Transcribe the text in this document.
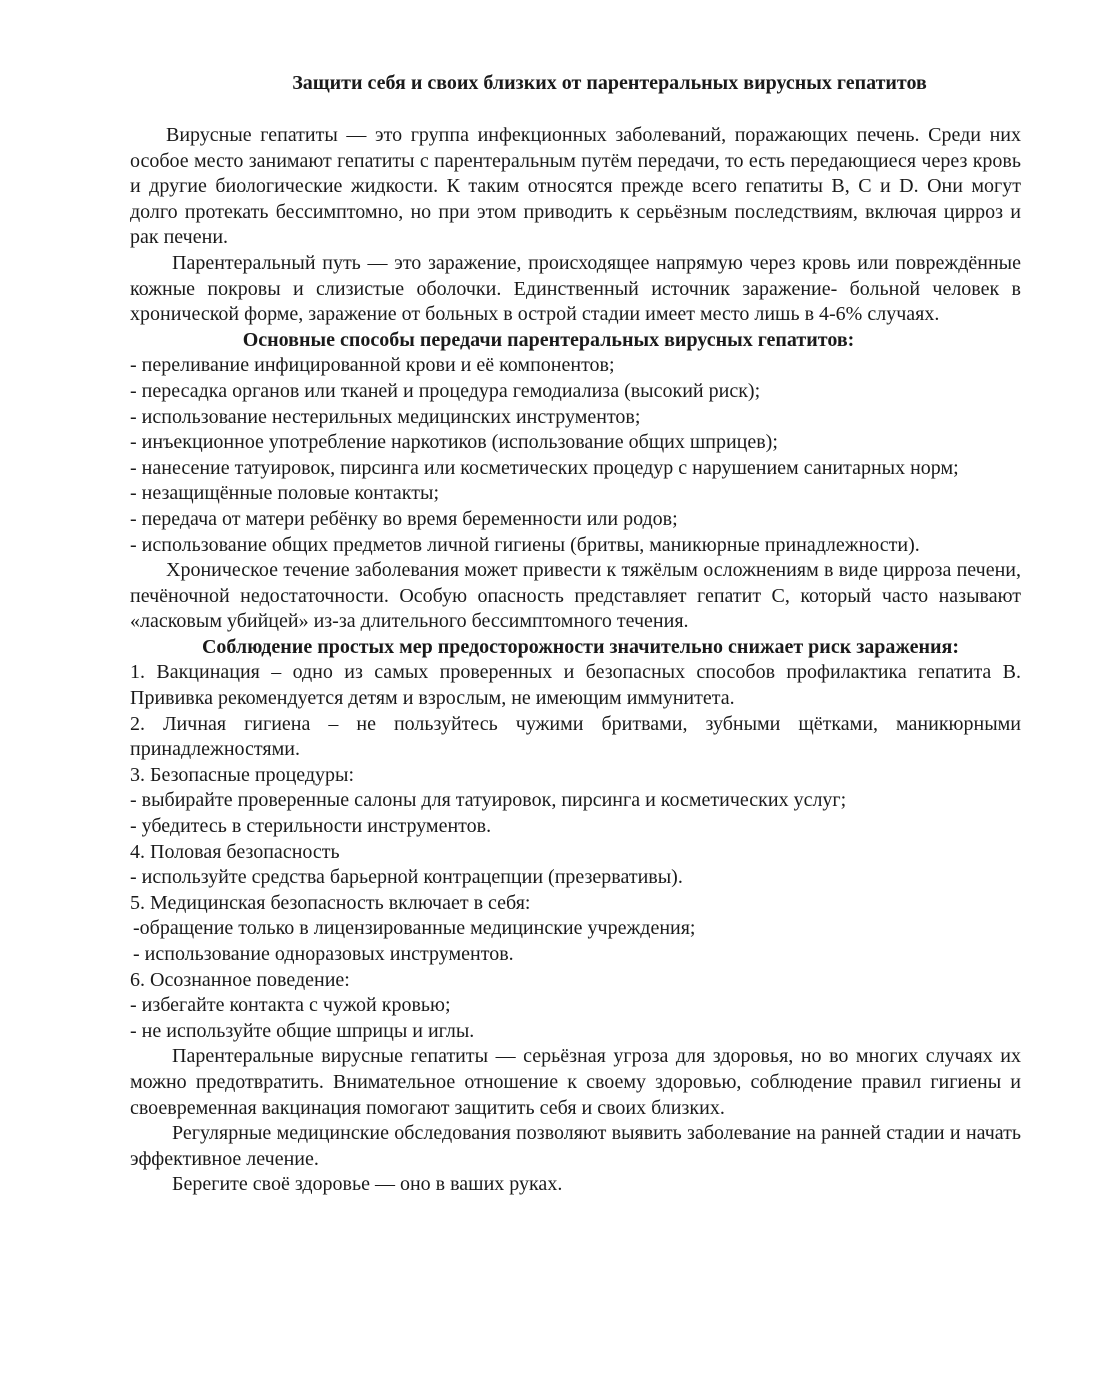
Защити себя и своих близких от парентеральных вирусных гепатитов

Вирусные гепатиты — это группа инфекционных заболеваний, поражающих печень. Среди них особое место занимают гепатиты с парентеральным путём передачи, то есть передающиеся через кровь и другие биологические жидкости. К таким относятся прежде всего гепатиты B, C и D. Они могут долго протекать бессимптомно, но при этом приводить к серьёзным последствиям, включая цирроз и рак печени.

Парентеральный путь — это заражение, происходящее напрямую через кровь или повреждённые кожные покровы и слизистые оболочки. Единственный источник заражение- больной человек в хронической форме, заражение от больных в острой стадии имеет место лишь в 4-6% случаях.

Основные способы передачи парентеральных вирусных гепатитов:
- переливание инфицированной крови и её компонентов;
- пересадка органов или тканей и процедура гемодиализа (высокий риск);
- использование нестерильных медицинских инструментов;
- инъекционное употребление наркотиков (использование общих шприцев);
- нанесение татуировок, пирсинга или косметических процедур с нарушением санитарных норм;
- незащищённые половые контакты;
- передача от матери ребёнку во время беременности или родов;
- использование общих предметов личной гигиены (бритвы, маникюрные принадлежности).

Хроническое течение заболевания может привести к тяжёлым осложнениям в виде цирроза печени, печёночной недостаточности. Особую опасность представляет гепатит С, который часто называют «ласковым убийцей» из-за длительного бессимптомного течения.

Соблюдение простых мер предосторожности значительно снижает риск заражения:
1. Вакцинация – одно из самых проверенных и безопасных способов профилактика гепатита В. Прививка рекомендуется детям и взрослым, не имеющим иммунитета.
2. Личная гигиена – не пользуйтесь чужими бритвами, зубными щётками, маникюрными принадлежностями.
3. Безопасные процедуры:
- выбирайте проверенные салоны для татуировок, пирсинга и косметических услуг;
- убедитесь в стерильности инструментов.
4. Половая безопасность
- используйте средства барьерной контрацепции (презервативы).
5. Медицинская безопасность включает в себя:
-обращение только в лицензированные медицинские учреждения;
- использование одноразовых инструментов.
6. Осознанное поведение:
- избегайте контакта с чужой кровью;
- не используйте общие шприцы и иглы.

Парентеральные вирусные гепатиты — серьёзная угроза для здоровья, но во многих случаях их можно предотвратить. Внимательное отношение к своему здоровью, соблюдение правил гигиены и своевременная вакцинация помогают защитить себя и своих близких.

Регулярные медицинские обследования позволяют выявить заболевание на ранней стадии и начать эффективное лечение.

Берегите своё здоровье — оно в ваших руках.
